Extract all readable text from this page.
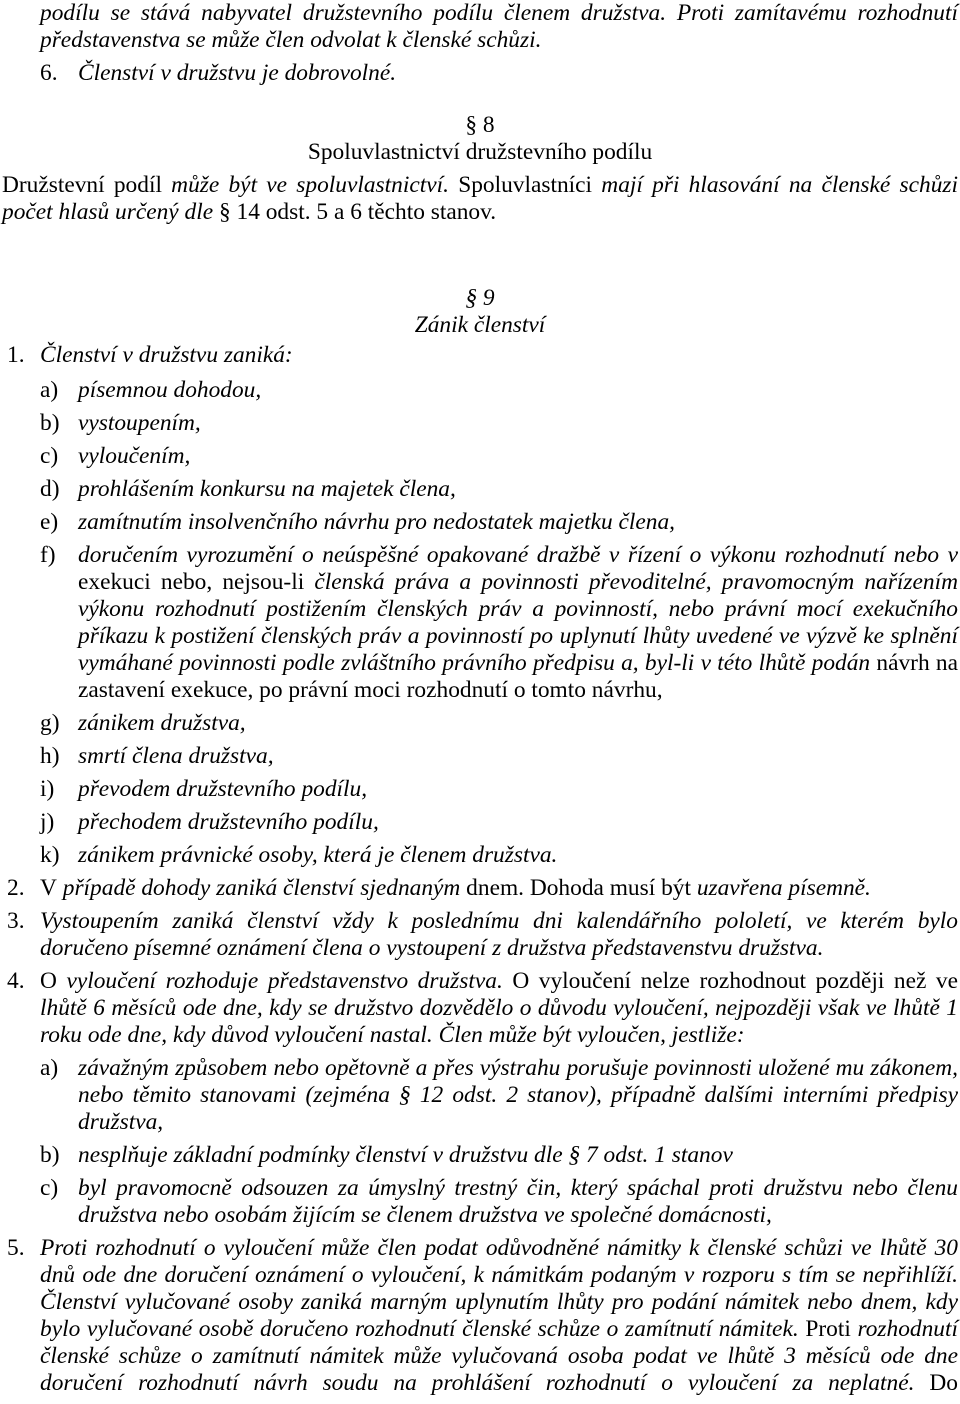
podílu se stává nabyvatel družstevního podílu členem družstva. Proti zamítavému rozhodnutí představenstva se může člen odvolat k členské schůzi.

6. Členství v družstvu je dobrovolné.
§ 8
Spoluvlastnictví družstevního podílu

Družstevní podíl může být ve spoluvlastnictví. Spoluvlastníci mají při hlasování na členské schůzi počet hlasů určený dle § 14 odst. 5 a 6 těchto stanov.

§ 9
Zánik členství
1. Členství v družstvu zaniká:
a) písemnou dohodou,
b) vystoupením,
c) vyloučením,
d) prohlášením konkursu na majetek člena,
e) zamítnutím insolvenčního návrhu pro nedostatek majetku člena,
f) doručením vyrozumění o neúspěšné opakované dražbě v řízení o výkonu rozhodnutí nebo v exekuci nebo, nejsou-li členská práva a povinnosti převoditelné, pravomocným nařízením výkonu rozhodnutí postižením členských práv a povinností, nebo právní mocí exekučního příkazu k postižení členských práv a povinností po uplynutí lhůty uvedené ve výzvě ke splnění vymáhané povinnosti podle zvláštního právního předpisu a, byl-li v této lhůtě podán návrh na zastavení exekuce, po právní moci rozhodnutí o tomto návrhu,
g) zánikem družstva,
h) smrtí člena družstva,
i)	převodem družstevního podílu,
j)	přechodem družstevního podílu,
k) zánikem právnické osoby, která je členem družstva.
2. V případě dohody zaniká členství sjednaným dnem. Dohoda musí být uzavřena písemně.
3. Vystoupením zaniká členství vždy k poslednímu dni kalendářního pololetí, ve kterém bylo doručeno písemné oznámení člena o vystoupení z družstva představenstvu družstva.
4. O vyloučení rozhoduje představenstvo družstva. O vyloučení nelze rozhodnout později než ve lhůtě 6 měsíců ode dne, kdy se družstvo dozvědělo o důvodu vyloučení, nejpozději však ve lhůtě 1 roku ode dne, kdy důvod vyloučení nastal. Člen může být vyloučen, jestliže:
a) závažným způsobem nebo opětovně a přes výstrahu porušuje povinnosti uložené mu zákonem, nebo těmito stanovami (zejména § 12 odst. 2 stanov), případně dalšími interními předpisy družstva,
b) nesplňuje základní podmínky členství v družstvu dle § 7 odst. 1 stanov
c) byl pravomocně odsouzen za úmyslný trestný čin, který spáchal proti družstvu nebo členu družstva nebo osobám žijícím se členem družstva ve společné domácnosti,
5. Proti rozhodnutí o vyloučení může člen podat odůvodněné námitky k členské schůzi ve lhůtě 30 dnů ode dne doručení oznámení o vyloučení, k námitkám podaným v rozporu s tím se nepřihlíží. Členství vylučované osoby zaniká marným uplynutím lhůty pro podání námitek nebo dnem, kdy bylo vylučované osobě doručeno rozhodnutí členské schůze o zamítnutí námitek. Proti rozhodnutí členské schůze o zamítnutí námitek může vylučovaná osoba podat ve lhůtě 3 měsíců ode dne doručení rozhodnutí návrh soudu na prohlášení rozhodnutí o vyloučení za neplatné. Do
